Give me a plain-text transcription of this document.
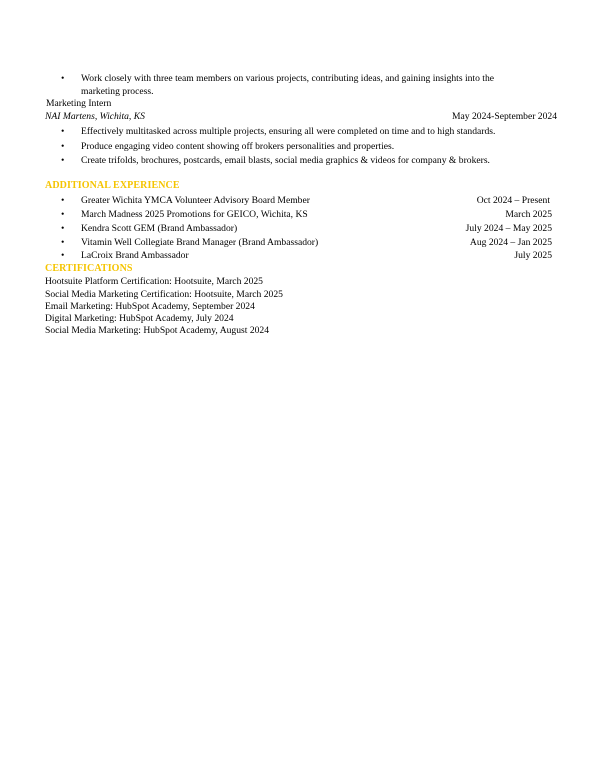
• Work closely with three team members on various projects, contributing ideas, and gaining insights into the
marketing process.
Marketing Intern
NAI Martens, Wichita, KS	May 2024-September 2024
• Effectively multitasked across multiple projects, ensuring all were completed on time and to high standards.
• Produce engaging video content showing off brokers personalities and properties.
• Create trifolds, brochures, postcards, email blasts, social media graphics & videos for company & brokers.
ADDITIONAL EXPERIENCE
• Greater Wichita YMCA Volunteer Advisory Board Member	Oct 2024 – Present
• March Madness 2025 Promotions for GEICO, Wichita, KS	March 2025
• Kendra Scott GEM (Brand Ambassador)	July 2024 – May 2025
• Vitamin Well Collegiate Brand Manager (Brand Ambassador)	Aug 2024 – Jan 2025
• LaCroix Brand Ambassador	July 2025
CERTIFICATIONS
Hootsuite Platform Certification: Hootsuite, March 2025
Social Media Marketing Certification: Hootsuite, March 2025
Email Marketing: HubSpot Academy, September 2024
Digital Marketing: HubSpot Academy, July 2024
Social Media Marketing: HubSpot Academy, August 2024
